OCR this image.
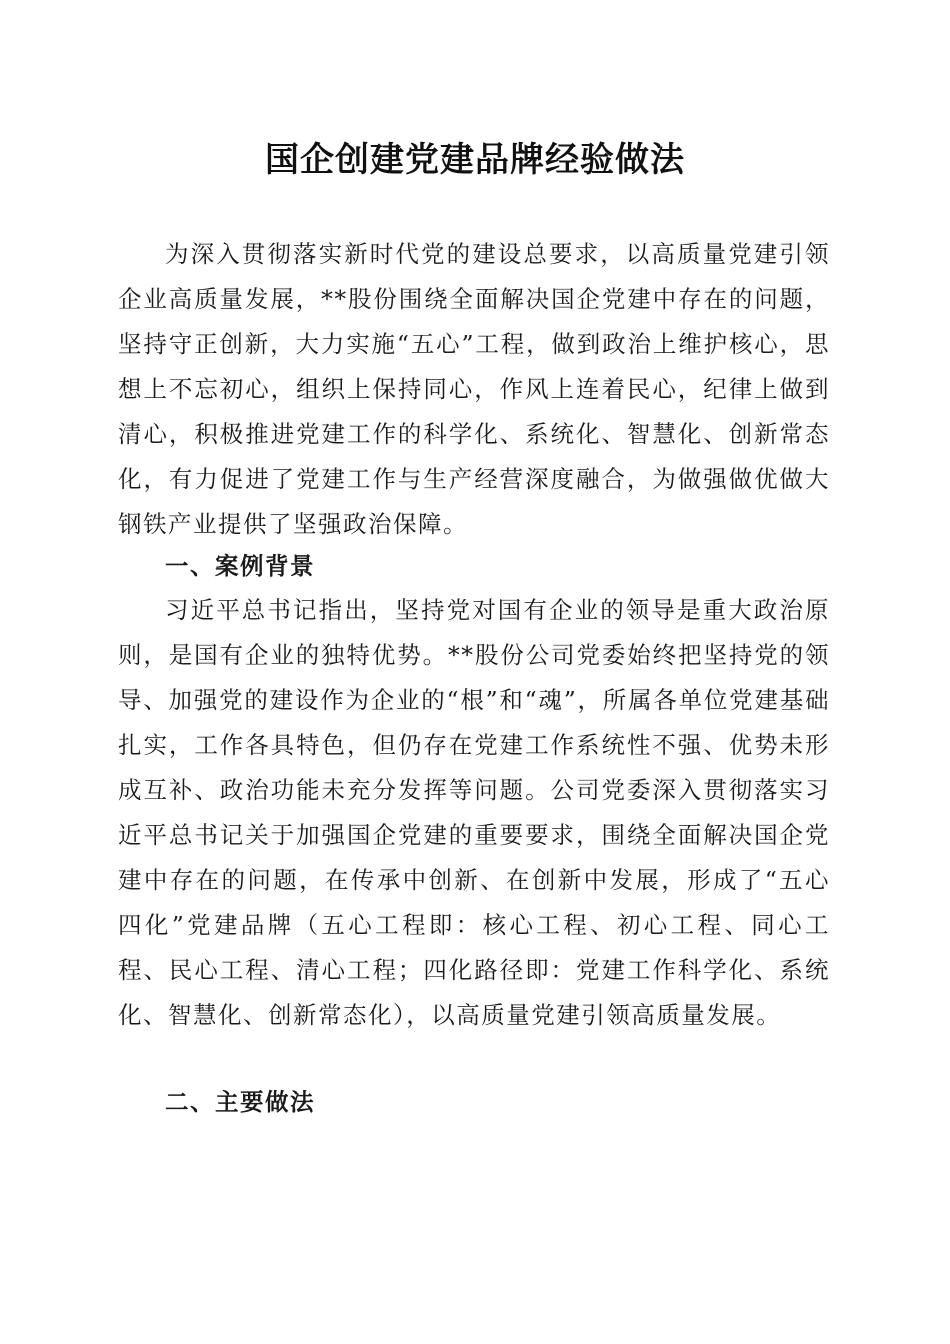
国企创建党建品牌经验做法

为深入贯彻落实新时代党的建设总要求，以高质量党建引领企业高质量发展，**股份围绕全面解决国企党建中存在的问题，坚持守正创新，大力实施“五心”工程，做到政治上维护核心，思想上不忘初心，组织上保持同心，作风上连着民心，纪律上做到清心，积极推进党建工作的科学化、系统化、智慧化、创新常态化，有力促进了党建工作与生产经营深度融合，为做强做优做大钢铁产业提供了坚强政治保障。

一、案例背景

习近平总书记指出，坚持党对国有企业的领导是重大政治原则，是国有企业的独特优势。**股份公司党委始终把坚持党的领导、加强党的建设作为企业的“根”和“魂”，所属各单位党建基础扎实，工作各具特色，但仍存在党建工作系统性不强、优势未形成互补、政治功能未充分发挥等问题。公司党委深入贯彻落实习近平总书记关于加强国企党建的重要要求，围绕全面解决国企党建中存在的问题，在传承中创新、在创新中发展，形成了“五心四化”党建品牌（五心工程即：核心工程、初心工程、同心工程、民心工程、清心工程；四化路径即：党建工作科学化、系统化、智慧化、创新常态化），以高质量党建引领高质量发展。

二、主要做法
